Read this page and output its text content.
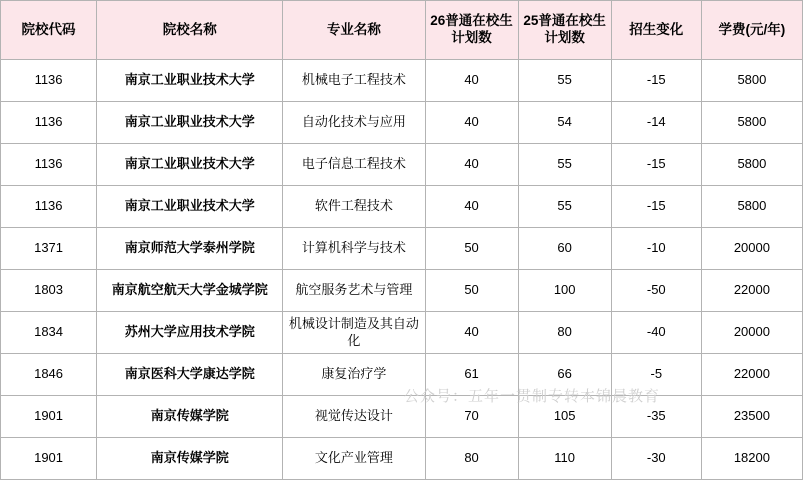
院校代码	院校名称	专业名称	26普通在校生计划数	25普通在校生计划数	招生变化	学费(元/年)
1136	南京工业职业技术大学	机械电子工程技术	40	55	-15	5800
1136	南京工业职业技术大学	自动化技术与应用	40	54	-14	5800
1136	南京工业职业技术大学	电子信息工程技术	40	55	-15	5800
1136	南京工业职业技术大学	软件工程技术	40	55	-15	5800
1371	南京师范大学泰州学院	计算机科学与技术	50	60	-10	20000
1803	南京航空航天大学金城学院	航空服务艺术与管理	50	100	-50	22000
1834	苏州大学应用技术学院	机械设计制造及其自动化	40	80	-40	20000
1846	南京医科大学康达学院	康复治疗学	61	66	-5	22000
1901	南京传媒学院	视觉传达设计	70	105	-35	23500
1901	南京传媒学院	文化产业管理	80	110	-30	18200
公众号：五年一贯制专转本锦晨教育
